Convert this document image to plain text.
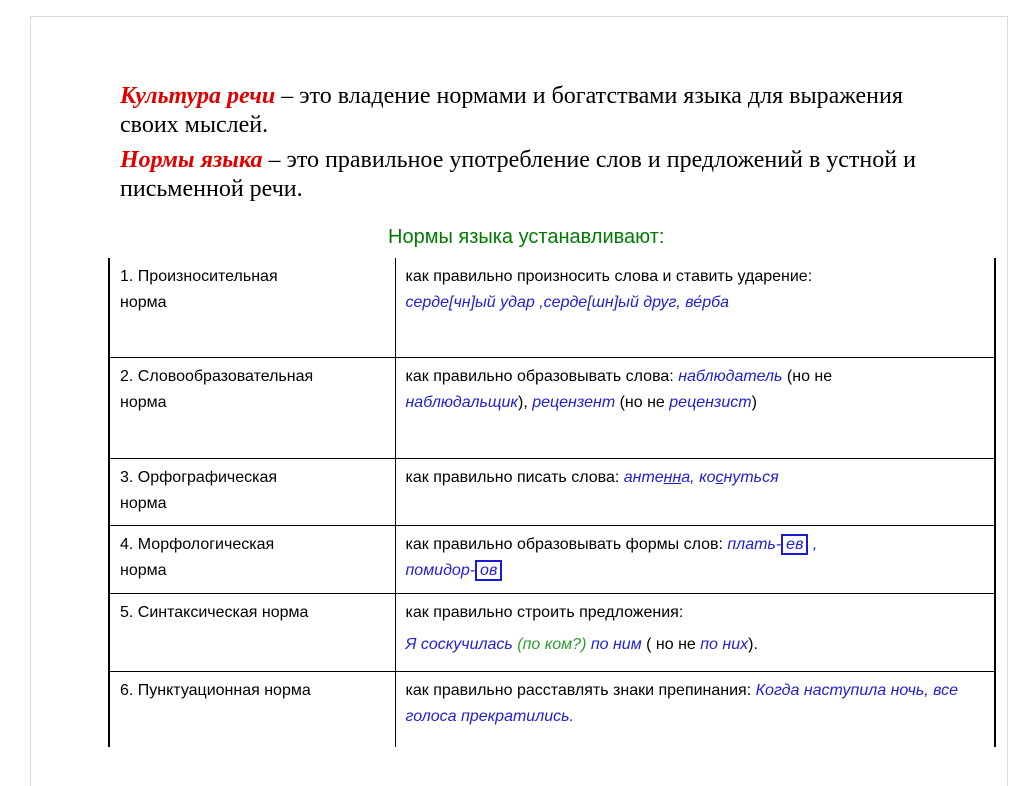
Культура речи – это владение нормами и богатствами языка для выражения
своих мыслей.

Нормы языка – это правильное употребление слов и предложений в устной и
письменной речи.

Нормы языка устанавливают:
1. Произносительная
норма	как правильно произносить слова и ставить ударение:
серде[чн]ый удар ,серде[шн]ый друг, ве́рба
2. Словообразовательная
норма	как правильно образовывать слова: наблюдатель (но не
наблюдальщик), рецензент (но не рецензист)
3. Орфографическая
норма	как правильно писать слова: антенна, коснуться
4. Морфологическая
норма	как правильно образовывать формы слов: плать- ев ,
помидор- ов
5. Синтаксическая норма	как правильно строить предложения:
Я соскучилась (по ком?) по ним ( но не по них).
6. Пунктуационная норма	как правильно расставлять знаки препинания: Когда наступила ночь, все голоса прекратились.
